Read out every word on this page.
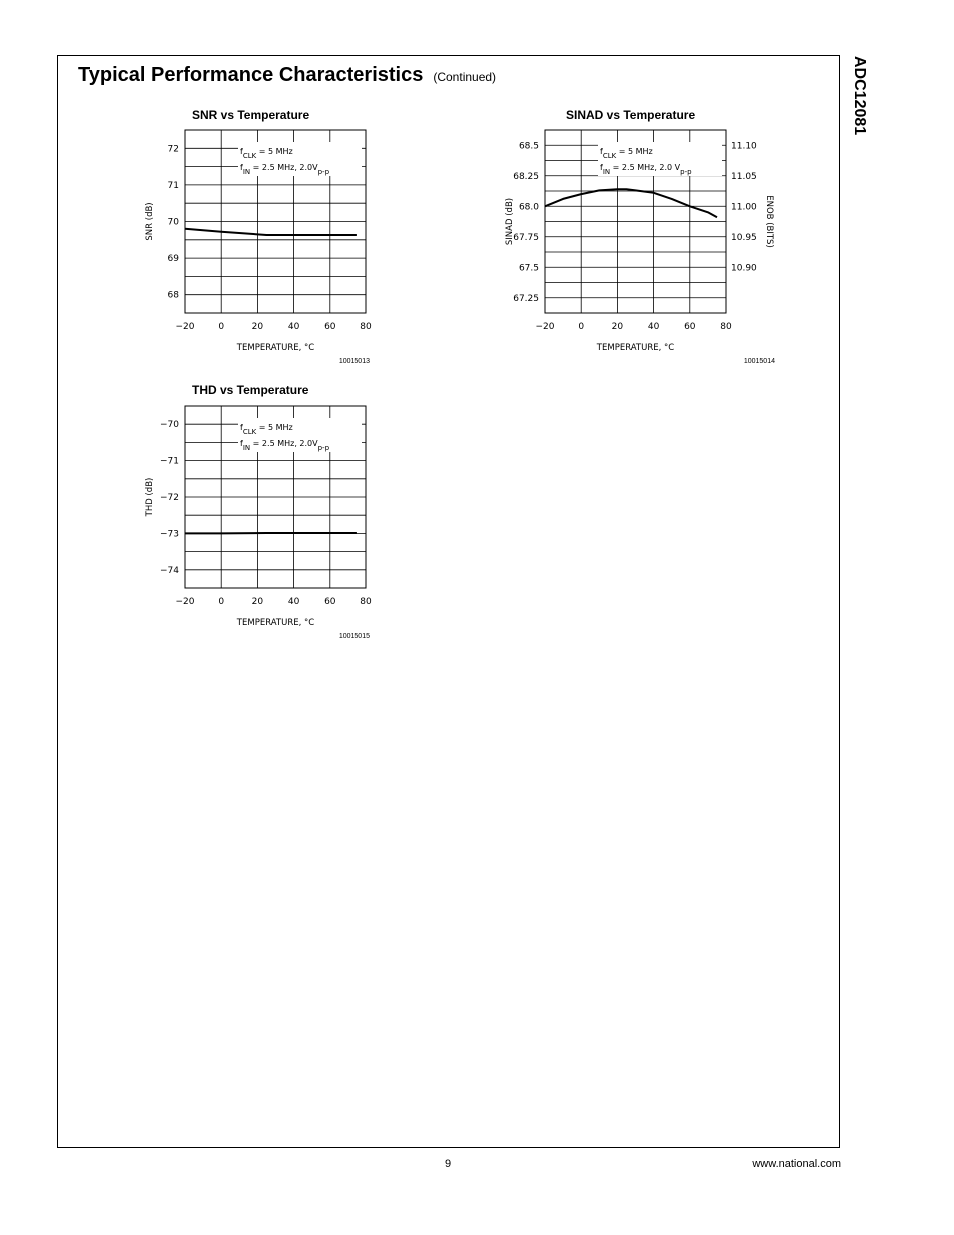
Typical Performance Characteristics (Continued)	ADC12081
SNR vs Temperature	SINAD vs Temperature
THD vs Temperature
−20	0	20	40	60	80
72
71
70
69
68
TEMPERATURE, °C
SNR (dB)
$f_{CLK} = 5$ MHz
$f_{IN} = 2.5$ MHz, $2.0V_{p-p}$
10015013
−20	0	20	40	60	80
68.5
68.25
68.0
67.75
67.5
67.25
11.10
11.05
11.00
10.95
10.90
ENOB (BITS)
TEMPERATURE, °C
SINAD (dB)
$f_{CLK} = 5$ MHz
$f_{IN} = 2.5$ MHz, 2.0 $V_{p-p}$
10015014
−20	0	20	40	60	80
−70
−71
−72
−73
−74
TEMPERATURE, °C
THD (dB)
$f_{CLK} = 5$ MHz
$f_{IN} = 2.5$ MHz, $2.0V_{p-p}$
10015015
9	www.national.com
